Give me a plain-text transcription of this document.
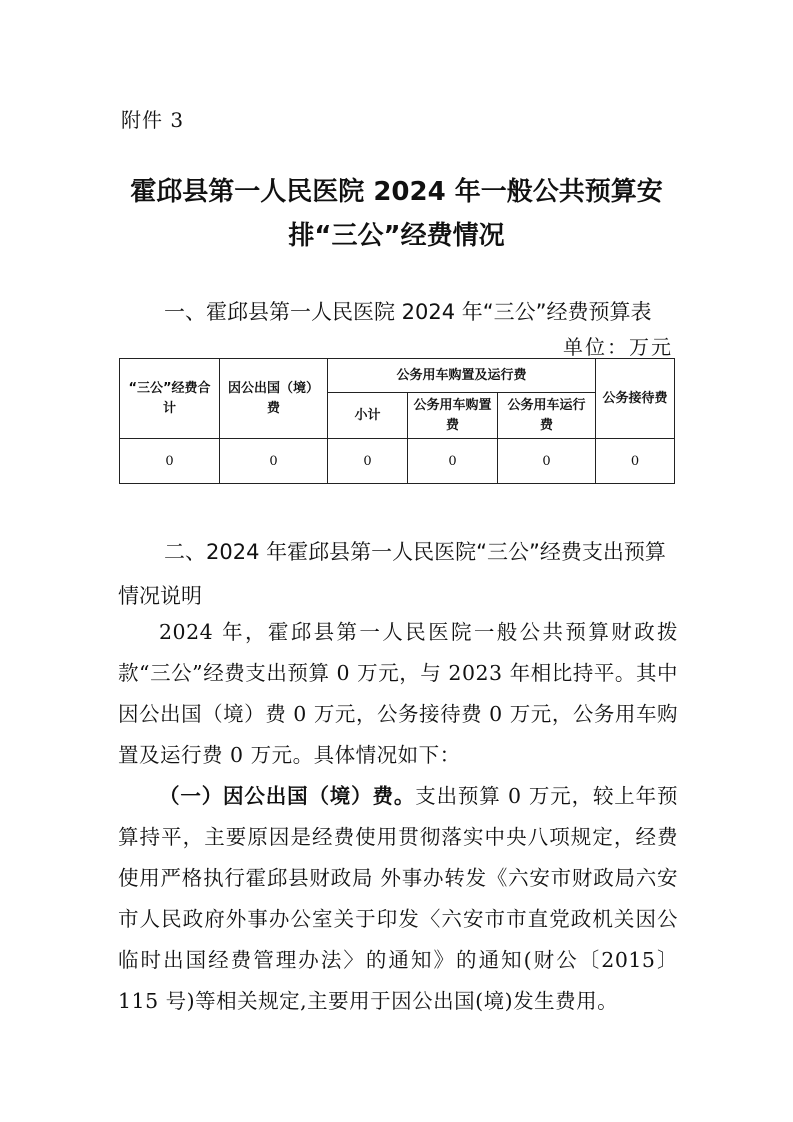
附件 3
霍邱县第一人民医院 2024 年一般公共预算安排“三公”经费情况
一、霍邱县第一人民医院 2024 年“三公”经费预算表
单位：万元
“三公”经费合计	因公出国（境）费	公务用车购置及运行费			公务接待费
		小计	公务用车购置费	公务用车运行费	
0	0	0	0	0	0
二、2024 年霍邱县第一人民医院“三公”经费支出预算情况说明
2024 年，霍邱县第一人民医院一般公共预算财政拨款“三公”经费支出预算 0 万元，与 2023 年相比持平。其中因公出国（境）费 0 万元，公务接待费 0 万元，公务用车购置及运行费 0 万元。具体情况如下：
（一）因公出国（境）费。支出预算 0 万元，较上年预算持平，主要原因是经费使用贯彻落实中央八项规定，经费使用严格执行霍邱县财政局 外事办转发《六安市财政局六安市人民政府外事办公室关于印发〈六安市市直党政机关因公临时出国经费管理办法〉的通知》的通知(财公〔2015〕115 号)等相关规定,主要用于因公出国(境)发生费用。
